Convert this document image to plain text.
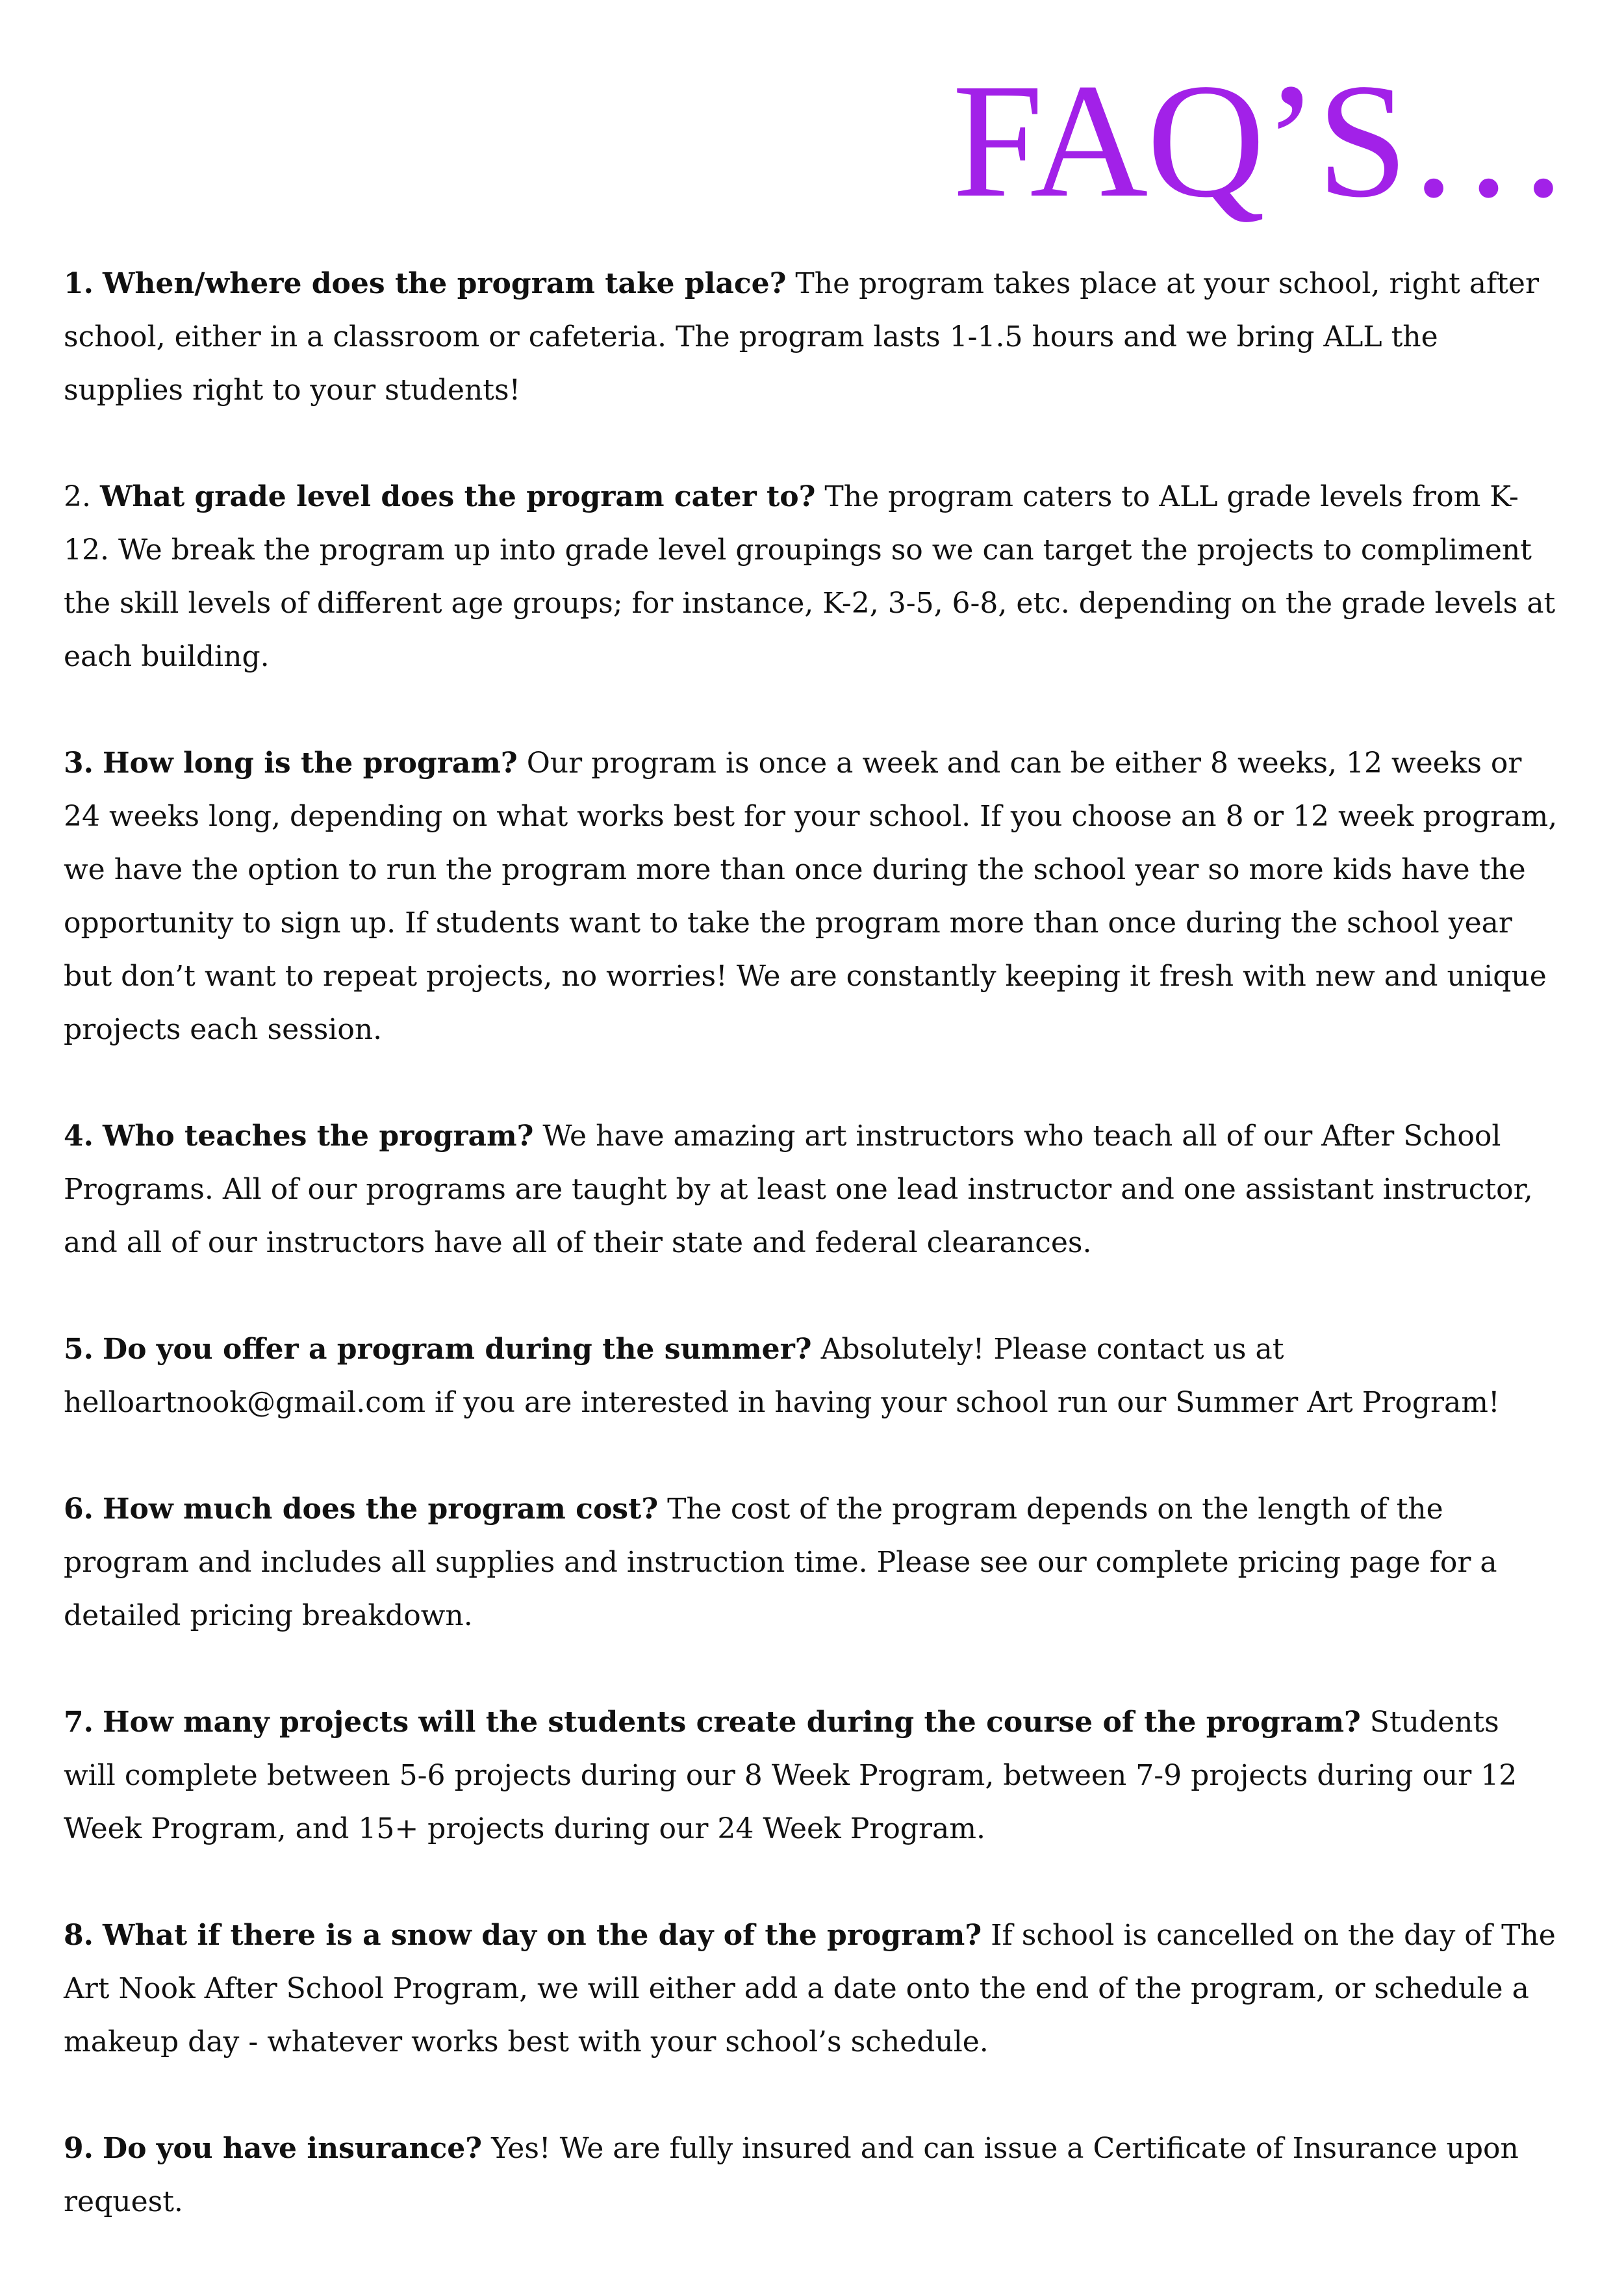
FAQ’S…

1. When/where does the program take place? The program takes place at your school, right after school, either in a classroom or cafeteria. The program lasts 1-1.5 hours and we bring ALL the supplies right to your students!

2. What grade level does the program cater to? The program caters to ALL grade levels from K-12. We break the program up into grade level groupings so we can target the projects to compliment the skill levels of different age groups; for instance, K-2, 3-5, 6-8, etc. depending on the grade levels at each building.

3. How long is the program? Our program is once a week and can be either 8 weeks, 12 weeks or 24 weeks long, depending on what works best for your school. If you choose an 8 or 12 week program, we have the option to run the program more than once during the school year so more kids have the opportunity to sign up. If students want to take the program more than once during the school year but don’t want to repeat projects, no worries! We are constantly keeping it fresh with new and unique projects each session.

4. Who teaches the program? We have amazing art instructors who teach all of our After School Programs. All of our programs are taught by at least one lead instructor and one assistant instructor, and all of our instructors have all of their state and federal clearances.

5. Do you offer a program during the summer? Absolutely! Please contact us at helloartnook@gmail.com if you are interested in having your school run our Summer Art Program!

6. How much does the program cost? The cost of the program depends on the length of the program and includes all supplies and instruction time. Please see our complete pricing page for a detailed pricing breakdown.

7. How many projects will the students create during the course of the program? Students will complete between 5-6 projects during our 8 Week Program, between 7-9 projects during our 12 Week Program, and 15+ projects during our 24 Week Program.

8. What if there is a snow day on the day of the program? If school is cancelled on the day of The Art Nook After School Program, we will either add a date onto the end of the program, or schedule a makeup day - whatever works best with your school’s schedule.

9. Do you have insurance? Yes! We are fully insured and can issue a Certificate of Insurance upon request.
